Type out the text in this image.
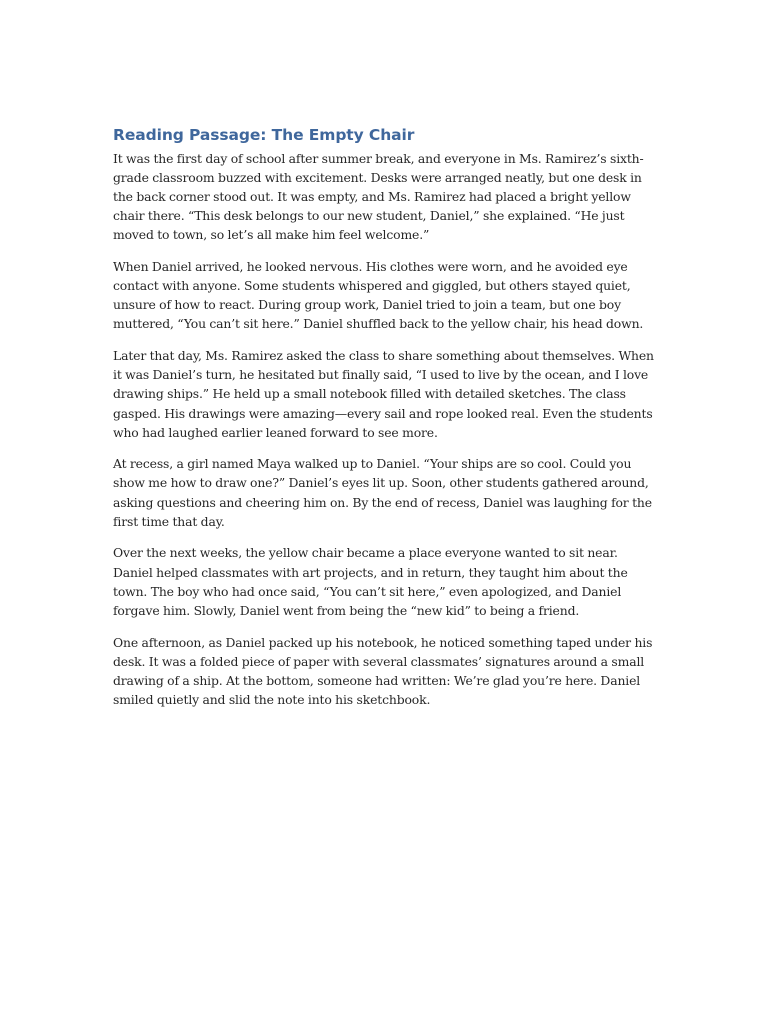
Reading Passage: The Empty Chair

It was the first day of school after summer break, and everyone in Ms. Ramirez’s sixth-grade classroom buzzed with excitement. Desks were arranged neatly, but one desk in the back corner stood out. It was empty, and Ms. Ramirez had placed a bright yellow chair there. “This desk belongs to our new student, Daniel,” she explained. “He just moved to town, so let’s all make him feel welcome.”

When Daniel arrived, he looked nervous. His clothes were worn, and he avoided eye contact with anyone. Some students whispered and giggled, but others stayed quiet, unsure of how to react. During group work, Daniel tried to join a team, but one boy muttered, “You can’t sit here.” Daniel shuffled back to the yellow chair, his head down.

Later that day, Ms. Ramirez asked the class to share something about themselves. When it was Daniel’s turn, he hesitated but finally said, “I used to live by the ocean, and I love drawing ships.” He held up a small notebook filled with detailed sketches. The class gasped. His drawings were amazing—every sail and rope looked real. Even the students who had laughed earlier leaned forward to see more.

At recess, a girl named Maya walked up to Daniel. “Your ships are so cool. Could you show me how to draw one?” Daniel’s eyes lit up. Soon, other students gathered around, asking questions and cheering him on. By the end of recess, Daniel was laughing for the first time that day.

Over the next weeks, the yellow chair became a place everyone wanted to sit near. Daniel helped classmates with art projects, and in return, they taught him about the town. The boy who had once said, “You can’t sit here,” even apologized, and Daniel forgave him. Slowly, Daniel went from being the “new kid” to being a friend.

One afternoon, as Daniel packed up his notebook, he noticed something taped under his desk. It was a folded piece of paper with several classmates’ signatures around a small drawing of a ship. At the bottom, someone had written: We’re glad you’re here. Daniel smiled quietly and slid the note into his sketchbook.
